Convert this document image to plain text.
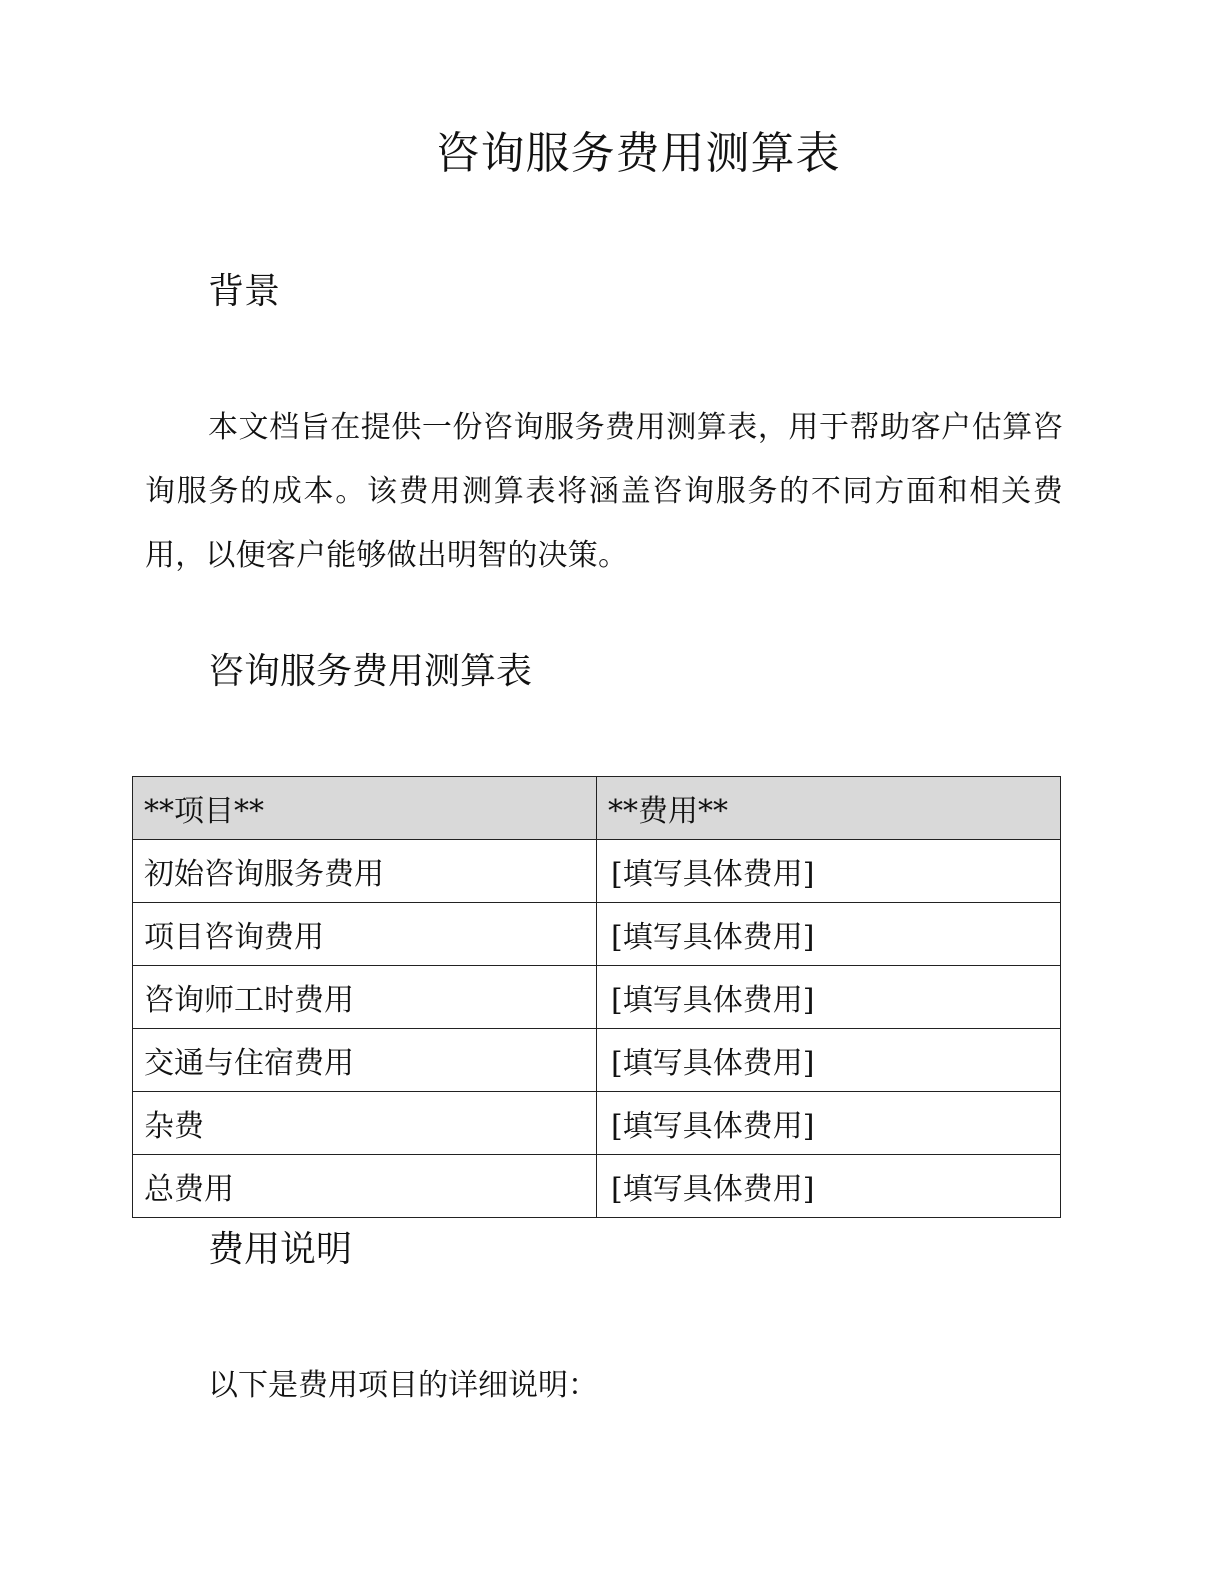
咨询服务费用测算表
背景

本文档旨在提供一份咨询服务费用测算表，用于帮助客户估算咨询服务的成本。该费用测算表将涵盖咨询服务的不同方面和相关费用，以便客户能够做出明智的决策。

咨询服务费用测算表
**项目**	**费用**
初始咨询服务费用	[填写具体费用]
项目咨询费用	[填写具体费用]
咨询师工时费用	[填写具体费用]
交通与住宿费用	[填写具体费用]
杂费	[填写具体费用]
总费用	[填写具体费用]
费用说明
以下是费用项目的详细说明：
